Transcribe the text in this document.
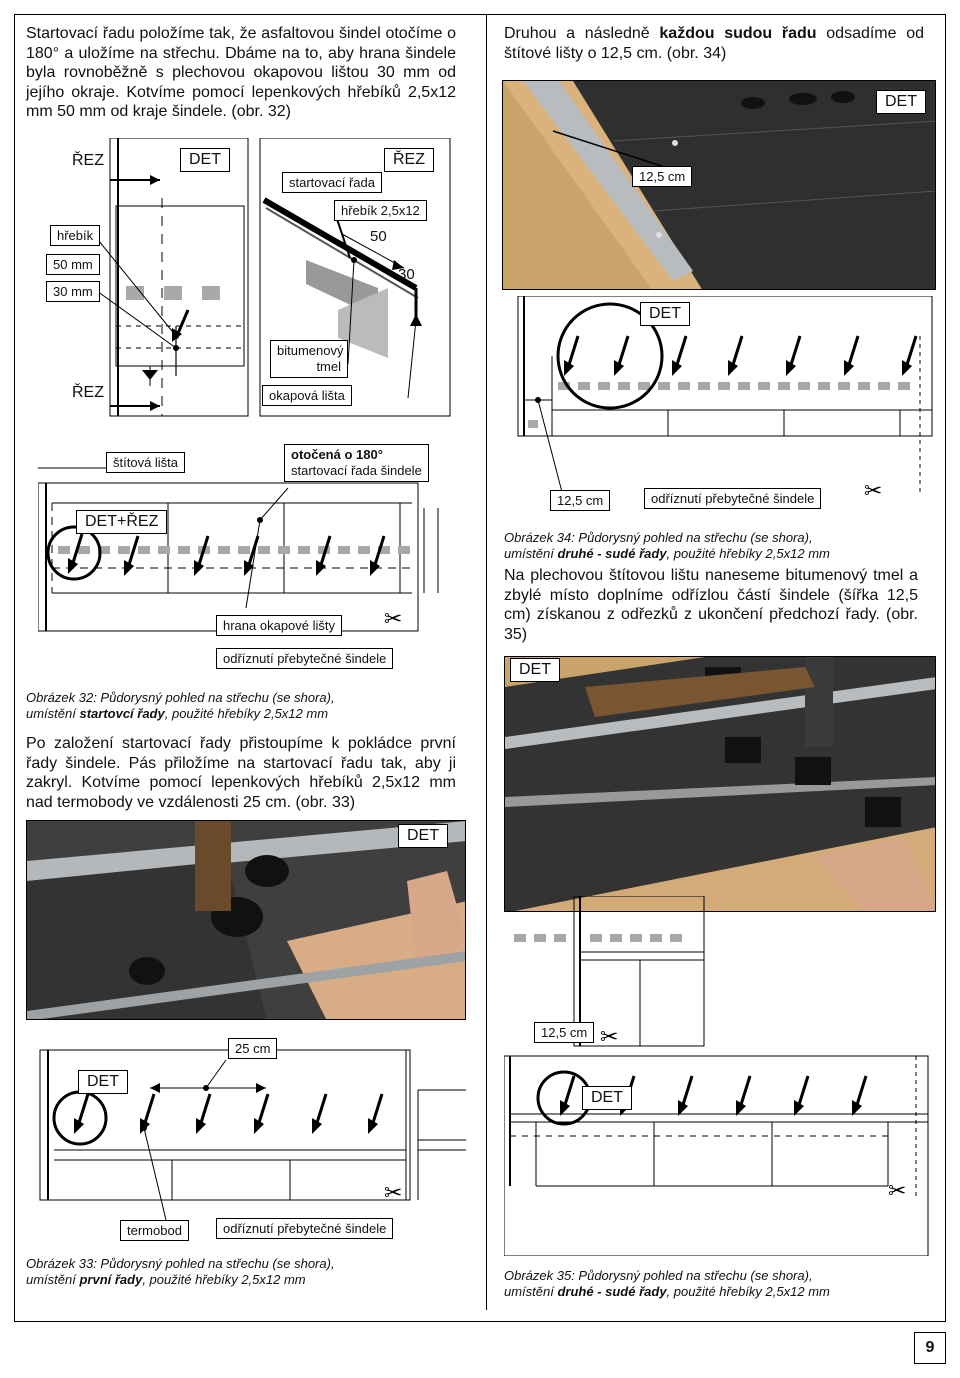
Startovací řadu položíme tak, že asfaltovou šindel otočíme o 180° a uložíme na střechu. Dbáme na to, aby hrana šindele byla rovnoběžně s plechovou okapovou lištou 30 mm od jejího okraje. Kotvíme pomocí lepenkových hřebíků 2,5x12 mm 50 mm od kraje šindele. (obr. 32)
✂
ŘEZ	DET
startovací řada
ŘEZ
hřebík
50 mm
30 mm
hřebík 2,5x12
50
30
bitumenový tmel
okapová lišta
ŘEZ
štítová lišta
otočená o 180°
startovací řada šindele
DET+ŘEZ
hrana okapové lišty
odříznutí přebytečné šindele
Obrázek 32: Půdorysný pohled na střechu (se shora),
umístění startovcí řady, použité hřebíky 2,5x12 mm
Po založení startovací řady přistoupíme k pokládce první řady šindele. Pás přiložíme na startovací řadu tak, aby ji zakryl. Kotvíme pomocí lepenkových hřebíků 2,5x12 mm nad termobody ve vzdálenosti 25 cm. (obr. 33)
DET
✂
25 cm
DET
termobod	odříznutí přebytečné šindele
Obrázek 33: Půdorysný pohled na střechu (se shora),
umístění první řady, použité hřebíky 2,5x12 mm
Druhou a následně každou sudou řadu odsadíme od štítové lišty o 12,5 cm. (obr. 34)
DET
12,5 cm
✂
DET
12,5 cm	odříznutí přebytečné šindele
Obrázek 34: Půdorysný pohled na střechu (se shora),
umístění druhé - sudé řady, použité hřebíky 2,5x12 mm
Na plechovou štítovou lištu naneseme bitumenový tmel a zbylé místo doplníme odřízlou částí šindele (šířka 12,5 cm) získanou z odřezků z ukončení předchozí řady. (obr. 35)
DET
✂
✂
12,5 cm
DET
Obrázek 35: Půdorysný pohled na střechu (se shora),
umístění druhé - sudé řady, použité hřebíky 2,5x12 mm
9
